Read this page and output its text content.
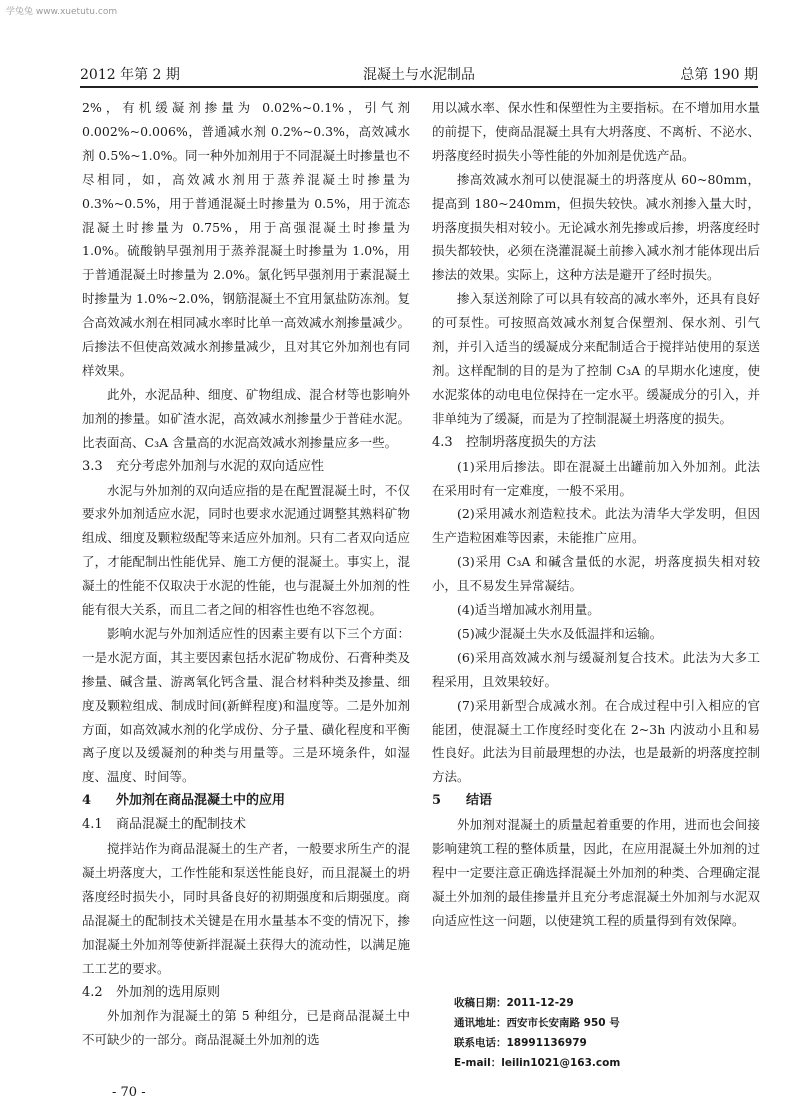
学兔兔 www.xuetutu.com
2012 年第 2 期	混凝土与水泥制品	总第 190 期

2%，有机缓凝剂掺量为 0.02%~0.1%，引气剂 0.002%~0.006%，普通减水剂 0.2%~0.3%，高效减水剂 0.5%~1.0%。同一种外加剂用于不同混凝土时掺量也不尽相同，如，高效减水剂用于蒸养混凝土时掺量为 0.3%~0.5%，用于普通混凝土时掺量为 0.5%，用于流态混凝土时掺量为 0.75%，用于高强混凝土时掺量为 1.0%。硫酸钠早强剂用于蒸养混凝土时掺量为 1.0%，用于普通混凝土时掺量为 2.0%。氯化钙早强剂用于素混凝土时掺量为 1.0%~2.0%，钢筋混凝土不宜用氯盐防冻剂。复合高效减水剂在相同减水率时比单一高效减水剂掺量减少。后掺法不但使高效减水剂掺量减少，且对其它外加剂也有同样效果。

此外，水泥品种、细度、矿物组成、混合材等也影响外加剂的掺量。如矿渣水泥，高效减水剂掺量少于普硅水泥。比表面高、C₃A 含量高的水泥高效减水剂掺量应多一些。

3.3 充分考虑外加剂与水泥的双向适应性

水泥与外加剂的双向适应指的是在配置混凝土时，不仅要求外加剂适应水泥，同时也要求水泥通过调整其熟料矿物组成、细度及颗粒级配等来适应外加剂。只有二者双向适应了，才能配制出性能优异、施工方便的混凝土。事实上，混凝土的性能不仅取决于水泥的性能，也与混凝土外加剂的性能有很大关系，而且二者之间的相容性也绝不容忽视。

影响水泥与外加剂适应性的因素主要有以下三个方面：一是水泥方面，其主要因素包括水泥矿物成份、石膏种类及掺量、碱含量、游离氧化钙含量、混合材料种类及掺量、细度及颗粒组成、制成时间(新鲜程度)和温度等。二是外加剂方面，如高效减水剂的化学成份、分子量、磺化程度和平衡离子度以及缓凝剂的种类与用量等。三是环境条件，如湿度、温度、时间等。

4 外加剂在商品混凝土中的应用
4.1 商品混凝土的配制技术

搅拌站作为商品混凝土的生产者，一般要求所生产的混凝土坍落度大，工作性能和泵送性能良好，而且混凝土的坍落度经时损失小，同时具备良好的初期强度和后期强度。商品混凝土的配制技术关键是在用水量基本不变的情况下，掺加混凝土外加剂等使新拌混凝土获得大的流动性，以满足施工工艺的要求。

4.2 外加剂的选用原则

外加剂作为混凝土的第 5 种组分，已是商品混凝土中不可缺少的一部分。商品混凝土外加剂的选

用以减水率、保水性和保塑性为主要指标。在不增加用水量的前提下，使商品混凝土具有大坍落度、不离析、不泌水、坍落度经时损失小等性能的外加剂是优选产品。

掺高效减水剂可以使混凝土的坍落度从 60~80mm，提高到 180~240mm，但损失较快。减水剂掺入量大时，坍落度损失相对较小。无论减水剂先掺或后掺，坍落度经时损失都较快，必须在浇灌混凝土前掺入减水剂才能体现出后掺法的效果。实际上，这种方法是避开了经时损失。

掺入泵送剂除了可以具有较高的减水率外，还具有良好的可泵性。可按照高效减水剂复合保塑剂、保水剂、引气剂，并引入适当的缓凝成分来配制适合于搅拌站使用的泵送剂。这样配制的目的是为了控制 C₃A 的早期水化速度，使水泥浆体的动电电位保持在一定水平。缓凝成分的引入，并非单纯为了缓凝，而是为了控制混凝土坍落度的损失。

4.3 控制坍落度损失的方法

(1)采用后掺法。即在混凝土出罐前加入外加剂。此法在采用时有一定难度，一般不采用。

(2)采用减水剂造粒技术。此法为清华大学发明，但因生产造粒困难等因素，未能推广应用。

(3)采用 C₃A 和碱含量低的水泥，坍落度损失相对较小，且不易发生异常凝结。

(4)适当增加减水剂用量。

(5)减少混凝土失水及低温拌和运输。

(6)采用高效减水剂与缓凝剂复合技术。此法为大多工程采用，且效果较好。

(7)采用新型合成减水剂。在合成过程中引入相应的官能团，使混凝土工作度经时变化在 2~3h 内波动小且和易性良好。此法为目前最理想的办法，也是最新的坍落度控制方法。

5 结语

外加剂对混凝土的质量起着重要的作用，进而也会间接影响建筑工程的整体质量，因此，在应用混凝土外加剂的过程中一定要注意正确选择混凝土外加剂的种类、合理确定混凝土外加剂的最佳掺量并且充分考虑混凝土外加剂与水泥双向适应性这一问题，以使建筑工程的质量得到有效保障。

收稿日期：2011-12-29
通讯地址：西安市长安南路 950 号
联系电话：18991136979
E-mail：leilin1021@163.com
- 70 -
